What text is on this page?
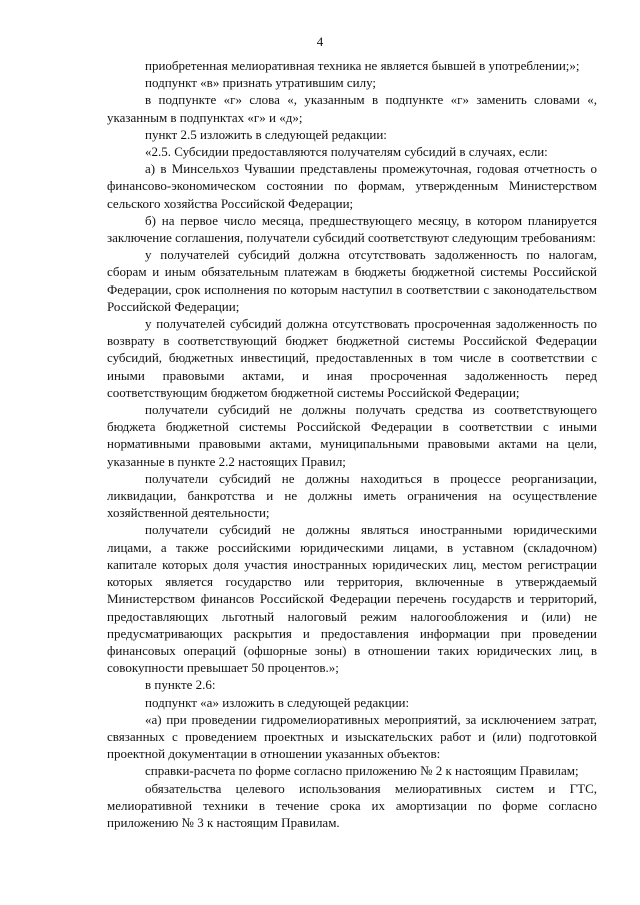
4

приобретенная мелиоративная техника не является бывшей в употреблении;»;

подпункт «в» признать утратившим силу;

в подпункте «г» слова «, указанным в подпункте «г» заменить словами «, указанным в подпунктах «г» и «д»;

пункт 2.5 изложить в следующей редакции:

«2.5. Субсидии предоставляются получателям субсидий в случаях, если:

а) в Минсельхоз Чувашии представлены промежуточная, годовая отчетность о финансово-экономическом состоянии по формам, утвержденным Министерством сельского хозяйства Российской Федерации;

б) на первое число месяца, предшествующего месяцу, в котором планируется заключение соглашения, получатели субсидий соответствуют следующим требованиям:

у получателей субсидий должна отсутствовать задолженность по налогам, сборам и иным обязательным платежам в бюджеты бюджетной системы Российской Федерации, срок исполнения по которым наступил в соответствии с законодательством Российской Федерации;

у получателей субсидий должна отсутствовать просроченная задолженность по возврату в соответствующий бюджет бюджетной системы Российской Федерации субсидий, бюджетных инвестиций, предоставленных в том числе в соответствии с иными правовыми актами, и иная просроченная задолженность перед соответствующим бюджетом бюджетной системы Российской Федерации;

получатели субсидий не должны получать средства из соответствующего бюджета бюджетной системы Российской Федерации в соответствии с иными нормативными правовыми актами, муниципальными правовыми актами на цели, указанные в пункте 2.2 настоящих Правил;

получатели субсидий не должны находиться в процессе реорганизации, ликвидации, банкротства и не должны иметь ограничения на осуществление хозяйственной деятельности;

получатели субсидий не должны являться иностранными юридическими лицами, а также российскими юридическими лицами, в уставном (складочном) капитале которых доля участия иностранных юридических лиц, местом регистрации которых является государство или территория, включенные в утверждаемый Министерством финансов Российской Федерации перечень государств и территорий, предоставляющих льготный налоговый режим налогообложения и (или) не предусматривающих раскрытия и предоставления информации при проведении финансовых операций (офшорные зоны) в отношении таких юридических лиц, в совокупности превышает 50 процентов.»;

в пункте 2.6:

подпункт «а» изложить в следующей редакции:

«а) при проведении гидромелиоративных мероприятий, за исключением затрат, связанных с проведением проектных и изыскательских работ и (или) подготовкой проектной документации в отношении указанных объектов:

справки-расчета по форме согласно приложению № 2 к настоящим Правилам;

обязательства целевого использования мелиоративных систем и ГТС, мелиоративной техники в течение срока их амортизации по форме согласно приложению № 3 к настоящим Правилам.
